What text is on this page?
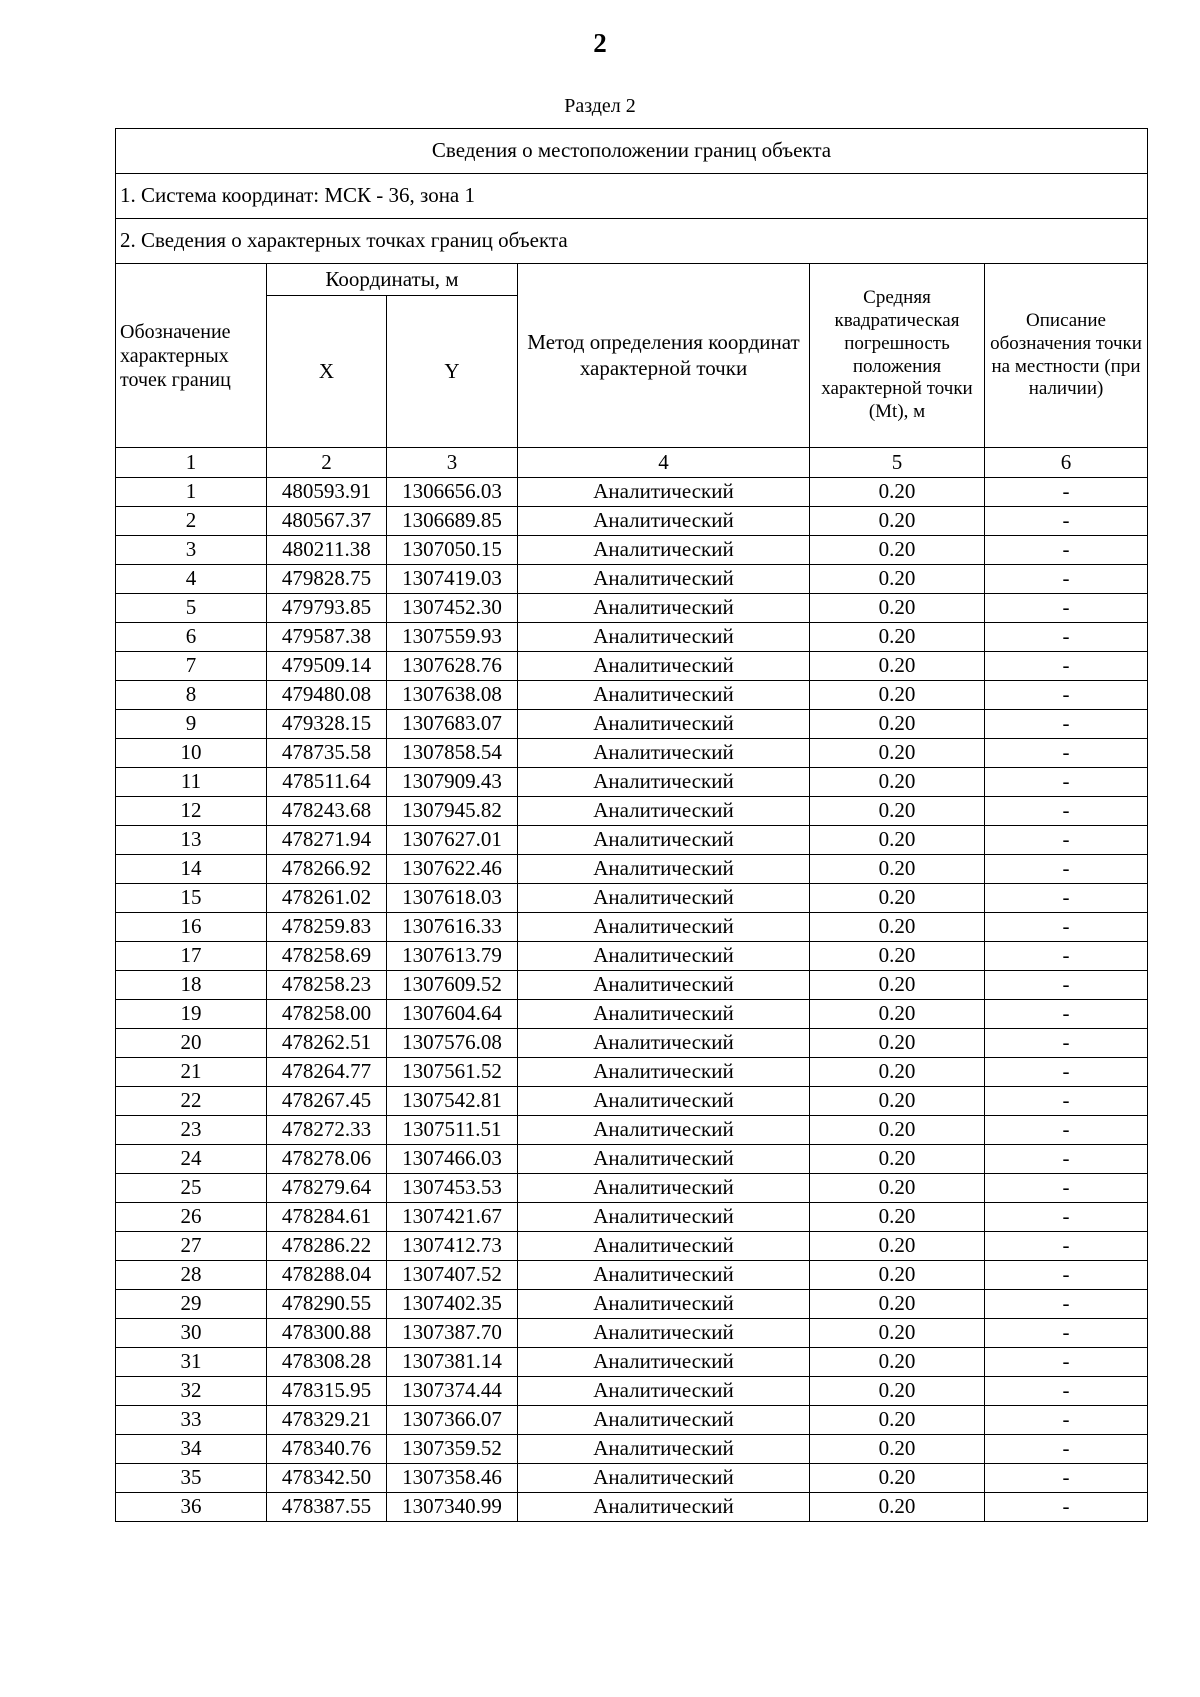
2
Раздел 2
Сведения о местоположении границ объекта					
1. Система координат: МСК - 36, зона 1					
2. Сведения о характерных точках границ объекта					
Обозначение характерных точек границ	Координаты, м		Метод определения координат характерной точки	Средняя квадратическая погрешность положения характерной точки (Mt), м	Описание обозначения точки на местности (при наличии)
	X	Y			
1	2	3	4	5	6
1	480593.91	1306656.03	Аналитический	0.20	-
2	480567.37	1306689.85	Аналитический	0.20	-
3	480211.38	1307050.15	Аналитический	0.20	-
4	479828.75	1307419.03	Аналитический	0.20	-
5	479793.85	1307452.30	Аналитический	0.20	-
6	479587.38	1307559.93	Аналитический	0.20	-
7	479509.14	1307628.76	Аналитический	0.20	-
8	479480.08	1307638.08	Аналитический	0.20	-
9	479328.15	1307683.07	Аналитический	0.20	-
10	478735.58	1307858.54	Аналитический	0.20	-
11	478511.64	1307909.43	Аналитический	0.20	-
12	478243.68	1307945.82	Аналитический	0.20	-
13	478271.94	1307627.01	Аналитический	0.20	-
14	478266.92	1307622.46	Аналитический	0.20	-
15	478261.02	1307618.03	Аналитический	0.20	-
16	478259.83	1307616.33	Аналитический	0.20	-
17	478258.69	1307613.79	Аналитический	0.20	-
18	478258.23	1307609.52	Аналитический	0.20	-
19	478258.00	1307604.64	Аналитический	0.20	-
20	478262.51	1307576.08	Аналитический	0.20	-
21	478264.77	1307561.52	Аналитический	0.20	-
22	478267.45	1307542.81	Аналитический	0.20	-
23	478272.33	1307511.51	Аналитический	0.20	-
24	478278.06	1307466.03	Аналитический	0.20	-
25	478279.64	1307453.53	Аналитический	0.20	-
26	478284.61	1307421.67	Аналитический	0.20	-
27	478286.22	1307412.73	Аналитический	0.20	-
28	478288.04	1307407.52	Аналитический	0.20	-
29	478290.55	1307402.35	Аналитический	0.20	-
30	478300.88	1307387.70	Аналитический	0.20	-
31	478308.28	1307381.14	Аналитический	0.20	-
32	478315.95	1307374.44	Аналитический	0.20	-
33	478329.21	1307366.07	Аналитический	0.20	-
34	478340.76	1307359.52	Аналитический	0.20	-
35	478342.50	1307358.46	Аналитический	0.20	-
36	478387.55	1307340.99	Аналитический	0.20	-
